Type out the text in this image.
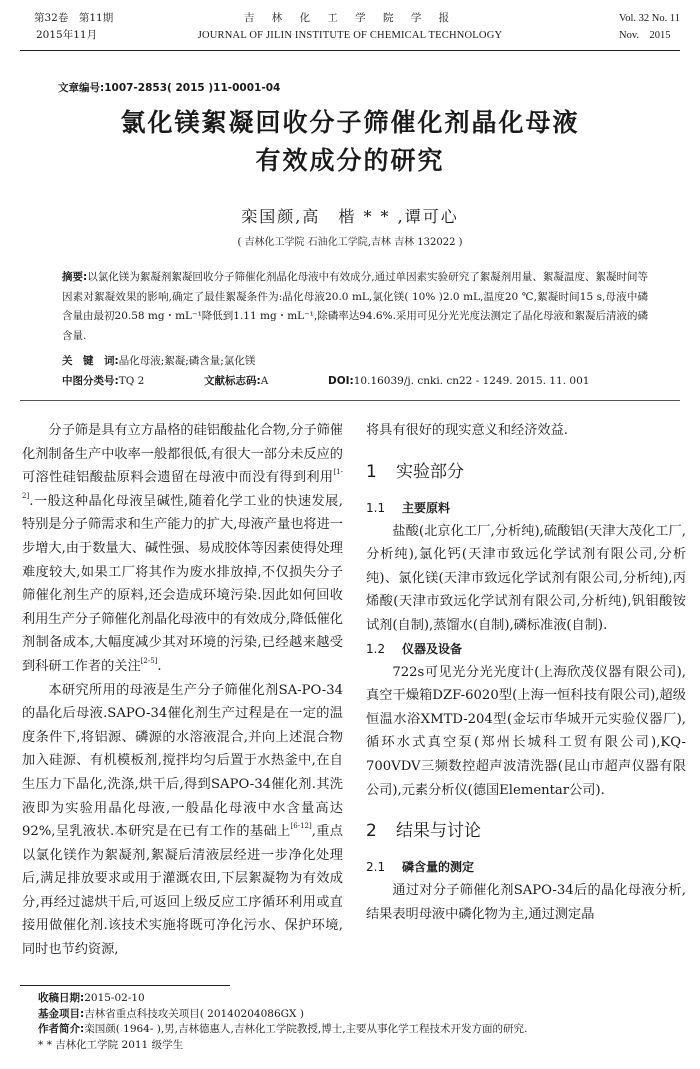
第32卷　第11期
2015年11月
吉 林 化 工 学 院 学 报
JOURNAL OF JILIN INSTITUTE OF CHEMICAL TECHNOLOGY
Vol. 32 No. 11
Nov.　2015
文章编号:1007-2853( 2015 )11-0001-04
氯化镁絮凝回收分子筛催化剂晶化母液
有效成分的研究
栾国颜,高　楷 * * ,谭可心
( 吉林化工学院 石油化工学院,吉林 吉林 132022 )
摘要:以氯化镁为絮凝剂絮凝回收分子筛催化剂晶化母液中有效成分,通过单因素实验研究了絮凝剂用量、絮凝温度、絮凝时间等因素对絮凝效果的影响,确定了最佳絮凝条件为:晶化母液20.0 mL,氯化镁( 10% )2.0 mL,温度20 ℃,絮凝时间15 s,母液中磷含量由最初20.58 mg・mL⁻¹降低到1.11 mg・mL⁻¹,除磷率达94.6%.采用可见分光光度法测定了晶化母液和絮凝后清液的磷含量.
关　键　词:晶化母液;絮凝;磷含量;氯化镁
中图分类号:TQ 2	文献标志码:A	DOI:10.16039/j. cnki. cn22 - 1249. 2015. 11. 001

分子筛是具有立方晶格的硅铝酸盐化合物,分子筛催化剂制备生产中收率一般都很低,有很大一部分未反应的可溶性硅铝酸盐原料会遗留在母液中而没有得到利用[1-2].一般这种晶化母液呈碱性,随着化学工业的快速发展,特别是分子筛需求和生产能力的扩大,母液产量也将进一步增大,由于数量大、碱性强、易成胶体等因素使得处理难度较大,如果工厂将其作为废水排放掉,不仅损失分子筛催化剂生产的原料,还会造成环境污染.因此如何回收利用生产分子筛催化剂晶化母液中的有效成分,降低催化剂制备成本,大幅度减少其对环境的污染,已经越来越受到科研工作者的关注[2-5].

本研究所用的母液是生产分子筛催化剂SA-PO-34的晶化后母液.SAPO-34催化剂生产过程是在一定的温度条件下,将铝源、磷源的水溶液混合,并向上述混合物加入硅源、有机模板剂,搅拌均匀后置于水热釜中,在自生压力下晶化,洗涤,烘干后,得到SAPO-34催化剂.其洗液即为实验用晶化母液,一般晶化母液中水含量高达92%,呈乳液状.本研究是在已有工作的基础上[6-12],重点以氯化镁作为絮凝剂,絮凝后清液层经进一步净化处理后,满足排放要求或用于灌溉农田,下层絮凝物为有效成分,再经过滤烘干后,可返回上级反应工序循环利用或直接用做催化剂.该技术实施将既可净化污水、保护环境,同时也节约资源,

将具有很好的现实意义和经济效益.

1 实验部分
1.1 主要原料

盐酸(北京化工厂,分析纯),硫酸铝(天津大茂化工厂,分析纯),氯化钙(天津市致远化学试剂有限公司,分析纯)、氯化镁(天津市致远化学试剂有限公司,分析纯),丙烯酸(天津市致远化学试剂有限公司,分析纯),钒钼酸铵试剂(自制),蒸馏水(自制),磷标准液(自制).

1.2 仪器及设备

722s可见光分光光度计(上海欣茂仪器有限公司),真空干燥箱DZF-6020型(上海一恒科技有限公司),超级恒温水浴XMTD-204型(金坛市华城开元实验仪器厂),循环水式真空泵(郑州长城科工贸有限公司),KQ-700VDV三频数控超声波清洗器(昆山市超声仪器有限公司),元素分析仪(德国Elementar公司).

2 结果与讨论
2.1 磷含量的测定

通过对分子筛催化剂SAPO-34后的晶化母液分析,结果表明母液中磷化物为主,通过测定晶

收稿日期:2015-02-10
基金项目:吉林省重点科技攻关项目( 20140204086GX )
作者简介:栾国颜( 1964- ),男,吉林德惠人,吉林化工学院教授,博士,主要从事化学工程技术开发方面的研究.
* * 吉林化工学院 2011 级学生
